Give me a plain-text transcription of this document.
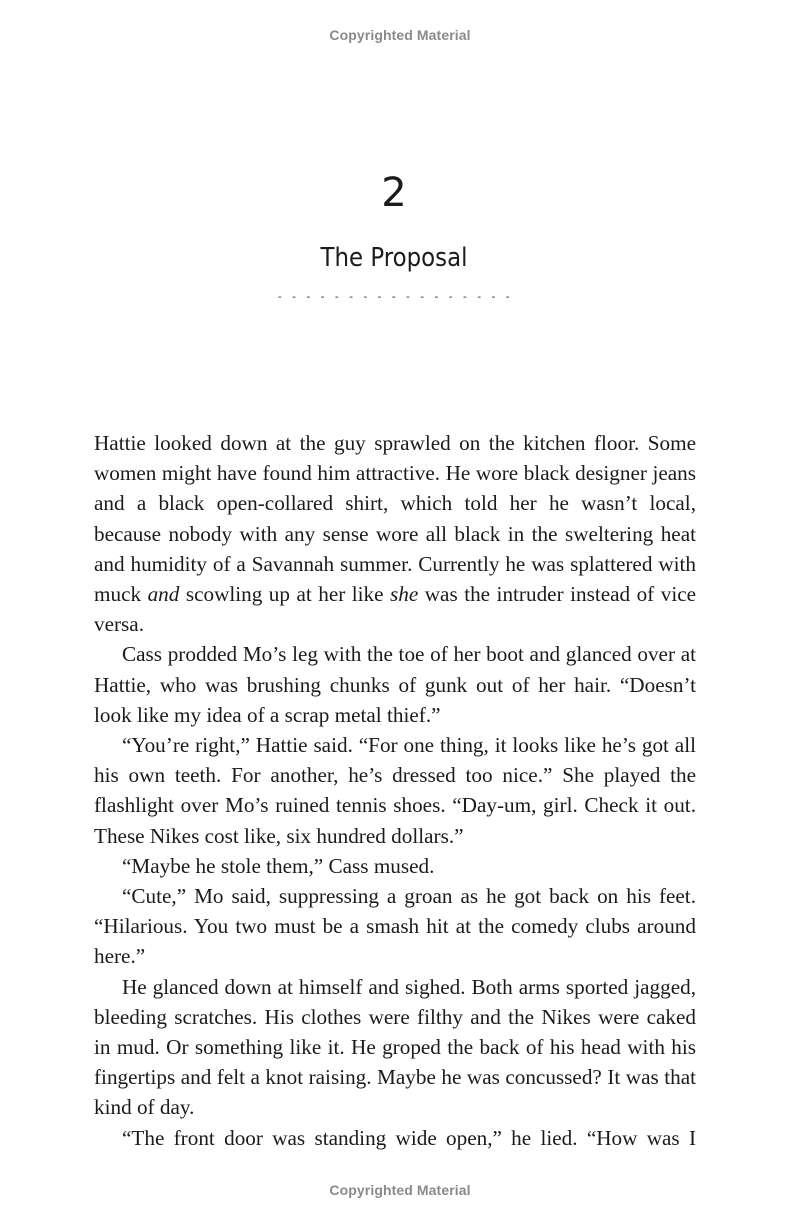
Copyrighted Material
2
The Proposal
- - - - - - - - - - - - - - - - -

Hattie looked down at the guy sprawled on the kitchen floor. Some women might have found him attractive. He wore black designer jeans and a black open-collared shirt, which told her he wasn’t local, because nobody with any sense wore all black in the sweltering heat and humidity of a Savannah summer. Currently he was splattered with muck and scowling up at her like she was the intruder instead of vice versa.

Cass prodded Mo’s leg with the toe of her boot and glanced over at Hattie, who was brushing chunks of gunk out of her hair. “Doesn’t look like my idea of a scrap metal thief.”

“You’re right,” Hattie said. “For one thing, it looks like he’s got all his own teeth. For another, he’s dressed too nice.” She played the flashlight over Mo’s ruined tennis shoes. “Day-um, girl. Check it out. These Nikes cost like, six hundred dollars.”

“Maybe he stole them,” Cass mused.

“Cute,” Mo said, suppressing a groan as he got back on his feet. “Hilarious. You two must be a smash hit at the comedy clubs around here.”

He glanced down at himself and sighed. Both arms sported jagged, bleeding scratches. His clothes were filthy and the Nikes were caked in mud. Or something like it. He groped the back of his head with his fingertips and felt a knot raising. Maybe he was concussed? It was that kind of day.

“The front door was standing wide open,” he lied. “How was I

Copyrighted Material
